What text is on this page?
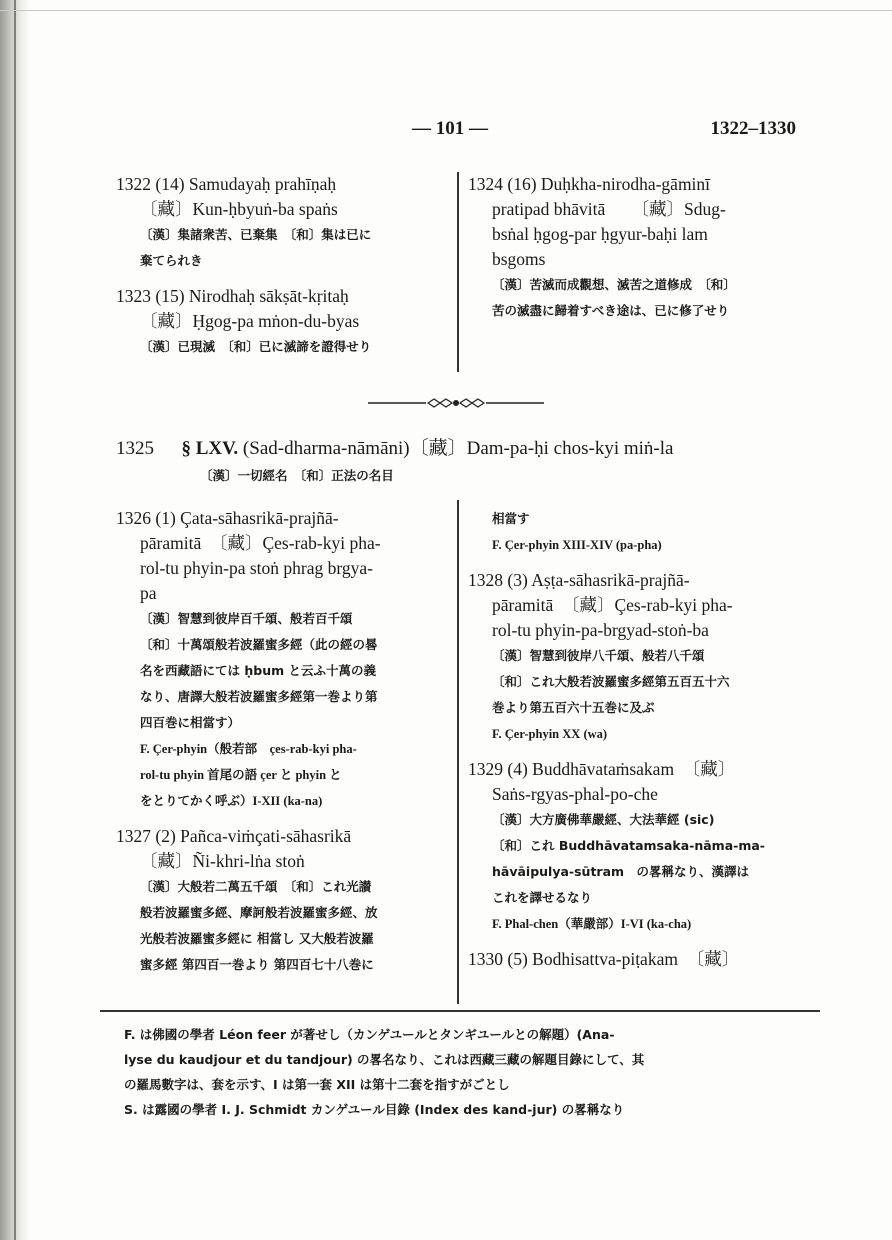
— 101 —	1322–1330
1322 (14) Samudayaḥ prahīṇaḥ
〔藏〕Kun-ḥbyuṅ-ba spaṅs
〔漢〕集諸衆苦、已棄集　〔和〕集は已に
棄てられき
1323 (15) Nirodhaḥ sākṣāt-kṛitaḥ
〔藏〕Ḥgog-pa mṅon-du-byas
〔漢〕已現滅　〔和〕已に滅諦を證得せり
1324 (16) Duḥkha-nirodha-gāminī
pratipad bhāvitā　　〔藏〕Sdug-
bsṅal ḥgog-par ḥgyur-baḥi lam
bsgoms
〔漢〕苦滅而成觀想、滅苦之道修成　〔和〕
苦の滅盡に歸着すべき途は、已に修了せり
1325 § LXV. (Sad-dharma-nāmāni)〔藏〕Dam-pa-ḥi chos-kyi miṅ-la
〔漢〕一切經名　〔和〕正法の名目
1326 (1) Çata-sāhasrikā-prajñā-
pāramitā　〔藏〕Çes-rab-kyi pha-
rol-tu phyin-pa stoṅ phrag brgya-
pa
〔漢〕智慧到彼岸百千頌、般若百千頌
〔和〕十萬頌般若波羅蜜多經（此の經の晷
名を西藏語にては ḥbum と云ふ十萬の義
なり、唐譯大般若波羅蜜多經第一巻より第
四百巻に相當す）
F. Çer-phyin（般若部　çes-rab-kyi pha-
rol-tu phyin 首尾の語 çer と phyin と
をとりてかく呼ぶ）I-XII (ka-na)
1327 (2) Pañca-viṁçati-sāhasrikā
〔藏〕Ñi-khri-lṅa stoṅ
〔漢〕大般若二萬五千頌　〔和〕これ光讃
般若波羅蜜多經、摩訶般若波羅蜜多經、放
光般若波羅蜜多經に 相當し 又大般若波羅
蜜多經 第四百一巻より 第四百七十八巻に
相當す
F. Çer-phyin XIII-XIV (pa-pha)
1328 (3) Aṣṭa-sāhasrikā-prajñā-
pāramitā　〔藏〕Çes-rab-kyi pha-
rol-tu phyin-pa-brgyad-stoṅ-ba
〔漢〕智慧到彼岸八千頌、般若八千頌
〔和〕これ大般若波羅蜜多經第五百五十六
巻より第五百六十五巻に及ぶ
F. Çer-phyin XX (wa)
1329 (4) Buddhāvataṁsakam　〔藏〕
Saṅs-rgyas-phal-po-che
〔漢〕大方廣佛華嚴經、大法華經 (sic)
〔和〕これ Buddhāvatamsaka-nāma-ma-
hāvāipulya-sūtram　の畧稱なり、漢譯は
これを譯せるなり
F. Phal-chen（華嚴部）I-VI (ka-cha)
1330 (5) Bodhisattva-piṭakam　〔藏〕
F. は佛國の學者 Léon feer が著せし（カンゲユールとタンギユールとの解題）(Ana-
lyse du kaudjour et du tandjour) の畧名なり、これは西藏三藏の解題目錄にして、其
の羅馬數字は、套を示す、I は第一套 XII は第十二套を指すがごとし
S. は露國の學者 I. J. Schmidt カンゲユール目錄 (Index des kand-jur) の畧稱なり
